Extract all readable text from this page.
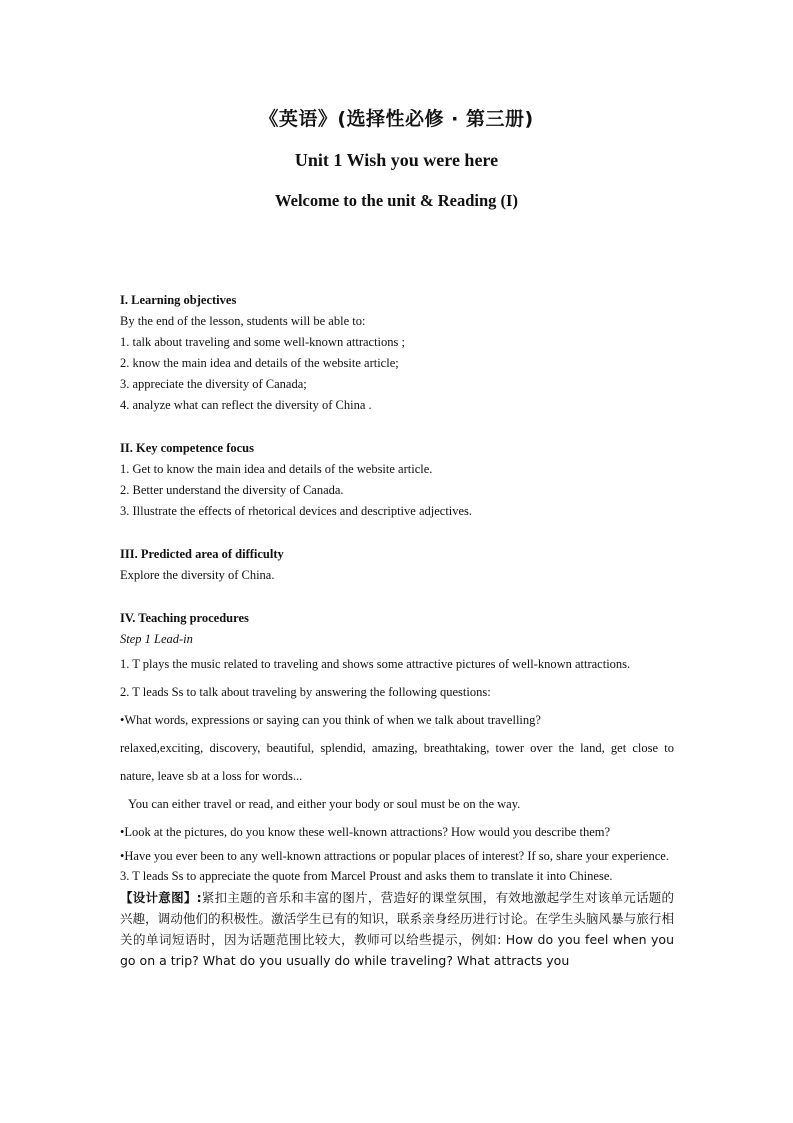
《英语》(选择性必修 · 第三册)
Unit 1 Wish you were here
Welcome to the unit & Reading (I)
I. Learning objectives
By the end of the lesson, students will be able to:
1. talk about traveling and some well-known attractions ;
2. know the main idea and details of the website article;
3. appreciate the diversity of Canada;
4. analyze what can reflect the diversity of China .
II. Key competence focus
1. Get to know the main idea and details of the website article.
2. Better understand the diversity of Canada.
3. Illustrate the effects of rhetorical devices and descriptive adjectives.
III. Predicted area of difficulty
Explore the diversity of China.
IV. Teaching procedures
Step 1 Lead-in
1. T plays the music related to traveling and shows some attractive pictures of well-known attractions.
2. T leads Ss to talk about traveling by answering the following questions:
•What words, expressions or saying can you think of when we talk about travelling?
relaxed,exciting, discovery, beautiful, splendid, amazing, breathtaking, tower over the land, get close to nature, leave sb at a loss for words...
You can either travel or read, and either your body or soul must be on the way.
•Look at the pictures, do you know these well-known attractions? How would you describe them?
•Have you ever been to any well-known attractions or popular places of interest? If so, share your experience.
3. T leads Ss to appreciate the quote from Marcel Proust and asks them to translate it into Chinese.
【设计意图】:紧扣主题的音乐和丰富的图片，营造好的课堂氛围，有效地激起学生对该单元话题的兴趣，调动他们的积极性。激活学生已有的知识，联系亲身经历进行讨论。在学生头脑风暴与旅行相关的单词短语时，因为话题范围比较大，教师可以给些提示，例如: How do you feel when you go on a trip? What do you usually do while traveling? What attracts you
